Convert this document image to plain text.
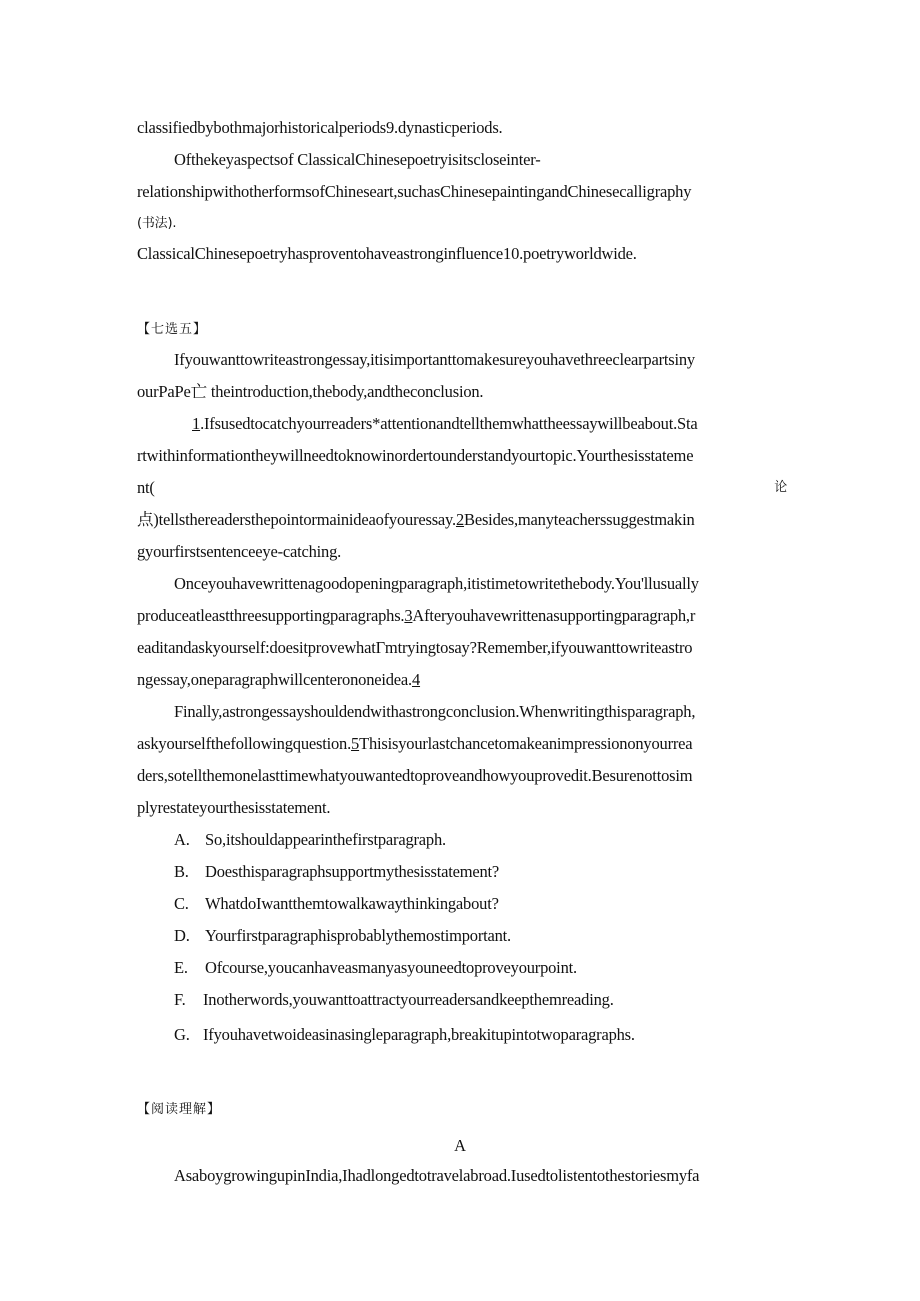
classifiedbybothmajorhistoricalperiods9.dynasticperiods.
Ofthekeyaspectsof ClassicalChinesepoetryisitscloseinter-
relationshipwithotherformsofChineseart,suchasChinesepaintingandChinesecalligraphy
(书法).
ClassicalChinesepoetryhasproventohaveastronginfluence10.poetryworldwide.
【七选五】
Ifyouwanttowriteastrongessay,itisimportanttomakesureyouhavethreeclearpartsiny
ourPaPe亡 theintroduction,thebody,andtheconclusion.
1.Ifsusedtocatchyourreaders*attentionandtellthemwhattheessaywillbeabout.Sta
rtwithinformationtheywillneedtoknowinordertounderstandyourtopic.Yourthesisstateme
nt(	论
点)tellsthereadersthepointormainideaofyouressay.2Besides,manyteacherssuggestmakin
gyourfirstsentenceeye-catching.
Onceyouhavewrittenagoodopeningparagraph,itistimetowritethebody.You'llusually
produceatleastthreesupportingparagraphs.3Afteryouhavewrittenasupportingparagraph,r
eaditandaskyourself:doesitprovewhatΓmtryingtosay?Remember,ifyouwanttowriteastro
ngessay,oneparagraphwillcenterononeidea.4
Finally,astrongessayshouldendwithastrongconclusion.Whenwritingthisparagraph,
askyourselfthefollowingquestion.5Thisisyourlastchancetomakeanimpressiononyourrea
ders,sotellthemonelasttimewhatyouwantedtoproveandhowyouprovedit.Besurenottosim
plyrestateyourthesisstatement.
A. So,itshouldappearinthefirstparagraph.
B. Doesthisparagraphsupportmythesisstatement?
C. WhatdoIwantthemtowalkawaythinkingabout?
D. Yourfirstparagraphisprobablythemostimportant.
E. Ofcourse,youcanhaveasmanyasyouneedtoproveyourpoint.
F. Inotherwords,youwanttoattractyourreadersandkeepthemreading.
G. Ifyouhavetwoideasinasingleparagraph,breakitupintotwoparagraphs.
【阅读理解】
A
AsaboygrowingupinIndia,Ihadlongedtotravelabroad.Iusedtolistentothestoriesmyfa
